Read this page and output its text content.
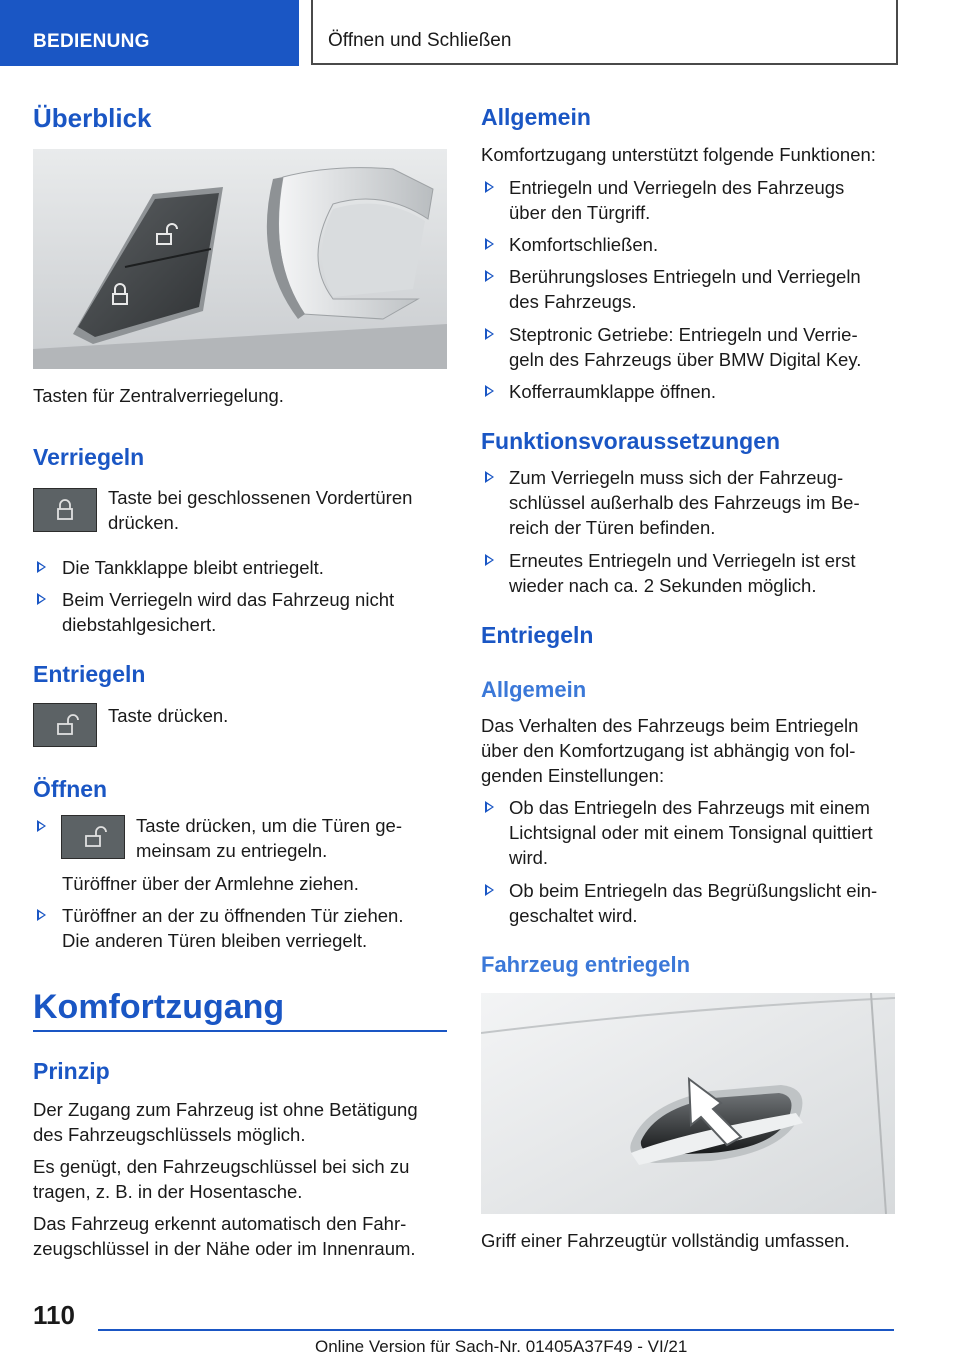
BEDIENUNG	Öffnen und Schließen
Überblick
Tasten für Zentralverriegelung.
Verriegeln
Taste bei geschlossenen Vordertüren
drücken.
Die Tankklappe bleibt entriegelt.
Beim Verriegeln wird das Fahrzeug nicht
diebstahlgesichert.
Entriegeln
Taste drücken.
Öffnen
Taste drücken, um die Türen ge-
meinsam zu entriegeln.
Türöffner über der Armlehne ziehen.
Türöffner an der zu öffnenden Tür ziehen.
Die anderen Türen bleiben verriegelt.
Komfortzugang
Prinzip
Der Zugang zum Fahrzeug ist ohne Betätigung
des Fahrzeugschlüssels möglich.
Es genügt, den Fahrzeugschlüssel bei sich zu
tragen, z. B. in der Hosentasche.
Das Fahrzeug erkennt automatisch den Fahr-
zeugschlüssel in der Nähe oder im Innenraum.
Allgemein
Komfortzugang unterstützt folgende Funktionen:
Entriegeln und Verriegeln des Fahrzeugs
über den Türgriff.
Komfortschließen.
Berührungsloses Entriegeln und Verriegeln
des Fahrzeugs.
Steptronic Getriebe: Entriegeln und Verrie-
geln des Fahrzeugs über BMW Digital Key.
Kofferraumklappe öffnen.
Funktionsvoraussetzungen
Zum Verriegeln muss sich der Fahrzeug-
schlüssel außerhalb des Fahrzeugs im Be-
reich der Türen befinden.
Erneutes Entriegeln und Verriegeln ist erst
wieder nach ca. 2 Sekunden möglich.
Entriegeln
Allgemein
Das Verhalten des Fahrzeugs beim Entriegeln
über den Komfortzugang ist abhängig von fol-
genden Einstellungen:
Ob das Entriegeln des Fahrzeugs mit einem
Lichtsignal oder mit einem Tonsignal quittiert
wird.
Ob beim Entriegeln das Begrüßungslicht ein-
geschaltet wird.
Fahrzeug entriegeln
Griff einer Fahrzeugtür vollständig umfassen.
110
Online Version für Sach-Nr. 01405A37F49 - VI/21
